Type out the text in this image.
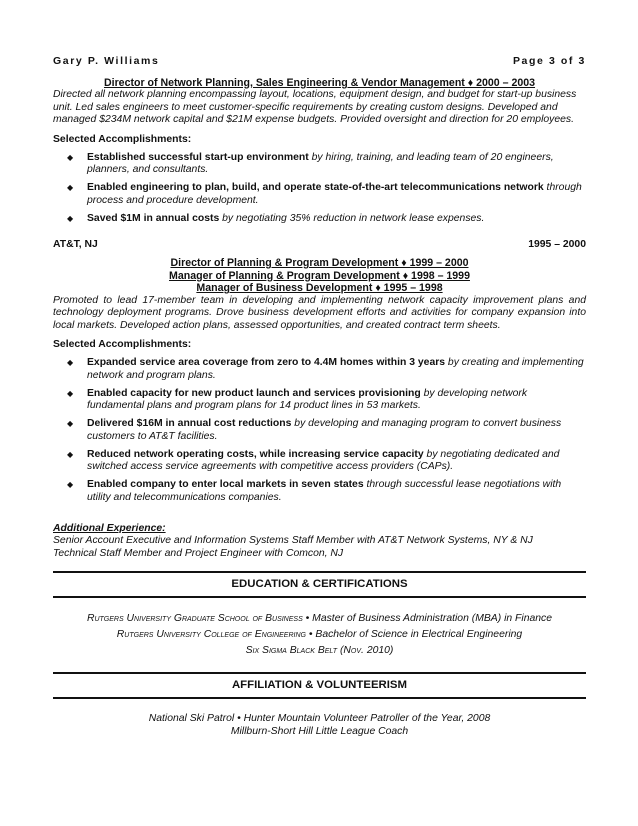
Gary P. Williams	Page 3 of 3
Director of Network Planning, Sales Engineering & Vendor Management ♦ 2000 – 2003
Directed all network planning encompassing layout, locations, equipment design, and budget for start-up business unit. Led sales engineers to meet customer-specific requirements by creating custom designs. Developed and managed $234M network capital and $21M expense budgets. Provided oversight and direction for 20 employees.
Selected Accomplishments:
◆ Established successful start-up environment by hiring, training, and leading team of 20 engineers, planners, and consultants.
◆ Enabled engineering to plan, build, and operate state-of-the-art telecommunications network through process and procedure development.
◆ Saved $1M in annual costs by negotiating 35% reduction in network lease expenses.
AT&T, NJ	1995 – 2000
Director of Planning & Program Development ♦ 1999 – 2000
Manager of Planning & Program Development ♦ 1998 – 1999
Manager of Business Development ♦ 1995 – 1998
Promoted to lead 17-member team in developing and implementing network capacity improvement plans and technology deployment programs. Drove business development efforts and activities for company expansion into local markets. Developed action plans, assessed opportunities, and created contract term sheets.
Selected Accomplishments:
◆ Expanded service area coverage from zero to 4.4M homes within 3 years by creating and implementing network and program plans.
◆ Enabled capacity for new product launch and services provisioning by developing network fundamental plans and program plans for 14 product lines in 53 markets.
◆ Delivered $16M in annual cost reductions by developing and managing program to convert business customers to AT&T facilities.
◆ Reduced network operating costs, while increasing service capacity by negotiating dedicated and switched access service agreements with competitive access providers (CAPs).
◆ Enabled company to enter local markets in seven states through successful lease negotiations with utility and telecommunications companies.
Additional Experience:
Senior Account Executive and Information Systems Staff Member with AT&T Network Systems, NY & NJ
Technical Staff Member and Project Engineer with Comcon, NJ
EDUCATION & CERTIFICATIONS
Rutgers University Graduate School of Business • Master of Business Administration (MBA) in Finance
Rutgers University College of Engineering • Bachelor of Science in Electrical Engineering
Six Sigma Black Belt (Nov. 2010)
AFFILIATION & VOLUNTEERISM
National Ski Patrol • Hunter Mountain Volunteer Patroller of the Year, 2008
Millburn-Short Hill Little League Coach
